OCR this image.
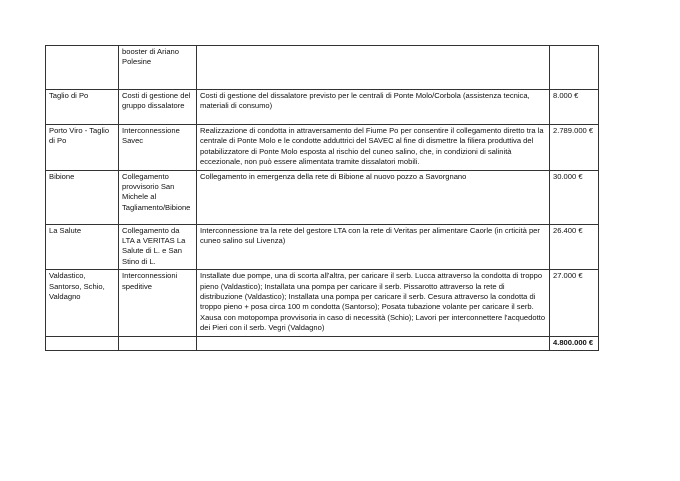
	booster di Ariano Polesine		
Taglio di Po	Costi di gestione del gruppo dissalatore	Costi di gestione del dissalatore previsto per le centrali di Ponte Molo/Corbola (assistenza tecnica, materiali di consumo)	8.000 €
Porto Viro - Taglio di Po	Interconnessione Savec	Realizzazione di condotta in attraversamento del Fiume Po per consentire il collegamento diretto tra la centrale di Ponte Molo e le condotte adduttrici del SAVEC al fine di dismettre la filiera produttiva del potabilizzatore di Ponte Molo esposta al rischio del cuneo salino, che, in condizioni di salinità eccezionale, non può essere alimentata tramite dissalatori mobili.	2.789.000 €
Bibione	Collegamento provvisorio San Michele al Tagliamento/Bibione	Collegamento in emergenza della rete di Bibione al nuovo pozzo a Savorgnano	30.000 €
La Salute	Collegamento da LTA a VERITAS La Salute di L. e San Stino di L.	Interconnessione tra la rete del gestore LTA con la rete di Veritas per alimentare Caorle (in crticità per cuneo salino sul Livenza)	26.400 €
Valdastico, Santorso, Schio, Valdagno	Interconnessioni speditive	Installate due pompe, una di scorta all'altra, per caricare il serb. Lucca attraverso la condotta di troppo pieno (Valdastico); Installata una pompa per caricare il serb. Pissarotto attraverso la rete di distribuzione (Valdastico); Installata una pompa per caricare il serb. Cesura attraverso la condotta di troppo pieno + posa circa 100 m condotta (Santorso); Posata tubazione volante per caricare il serb. Xausa con motopompa provvisoria in caso di necessità (Schio); Lavori per interconnettere l'acquedotto dei Pieri con il serb. Vegri (Valdagno)	27.000 €
			4.800.000 €
